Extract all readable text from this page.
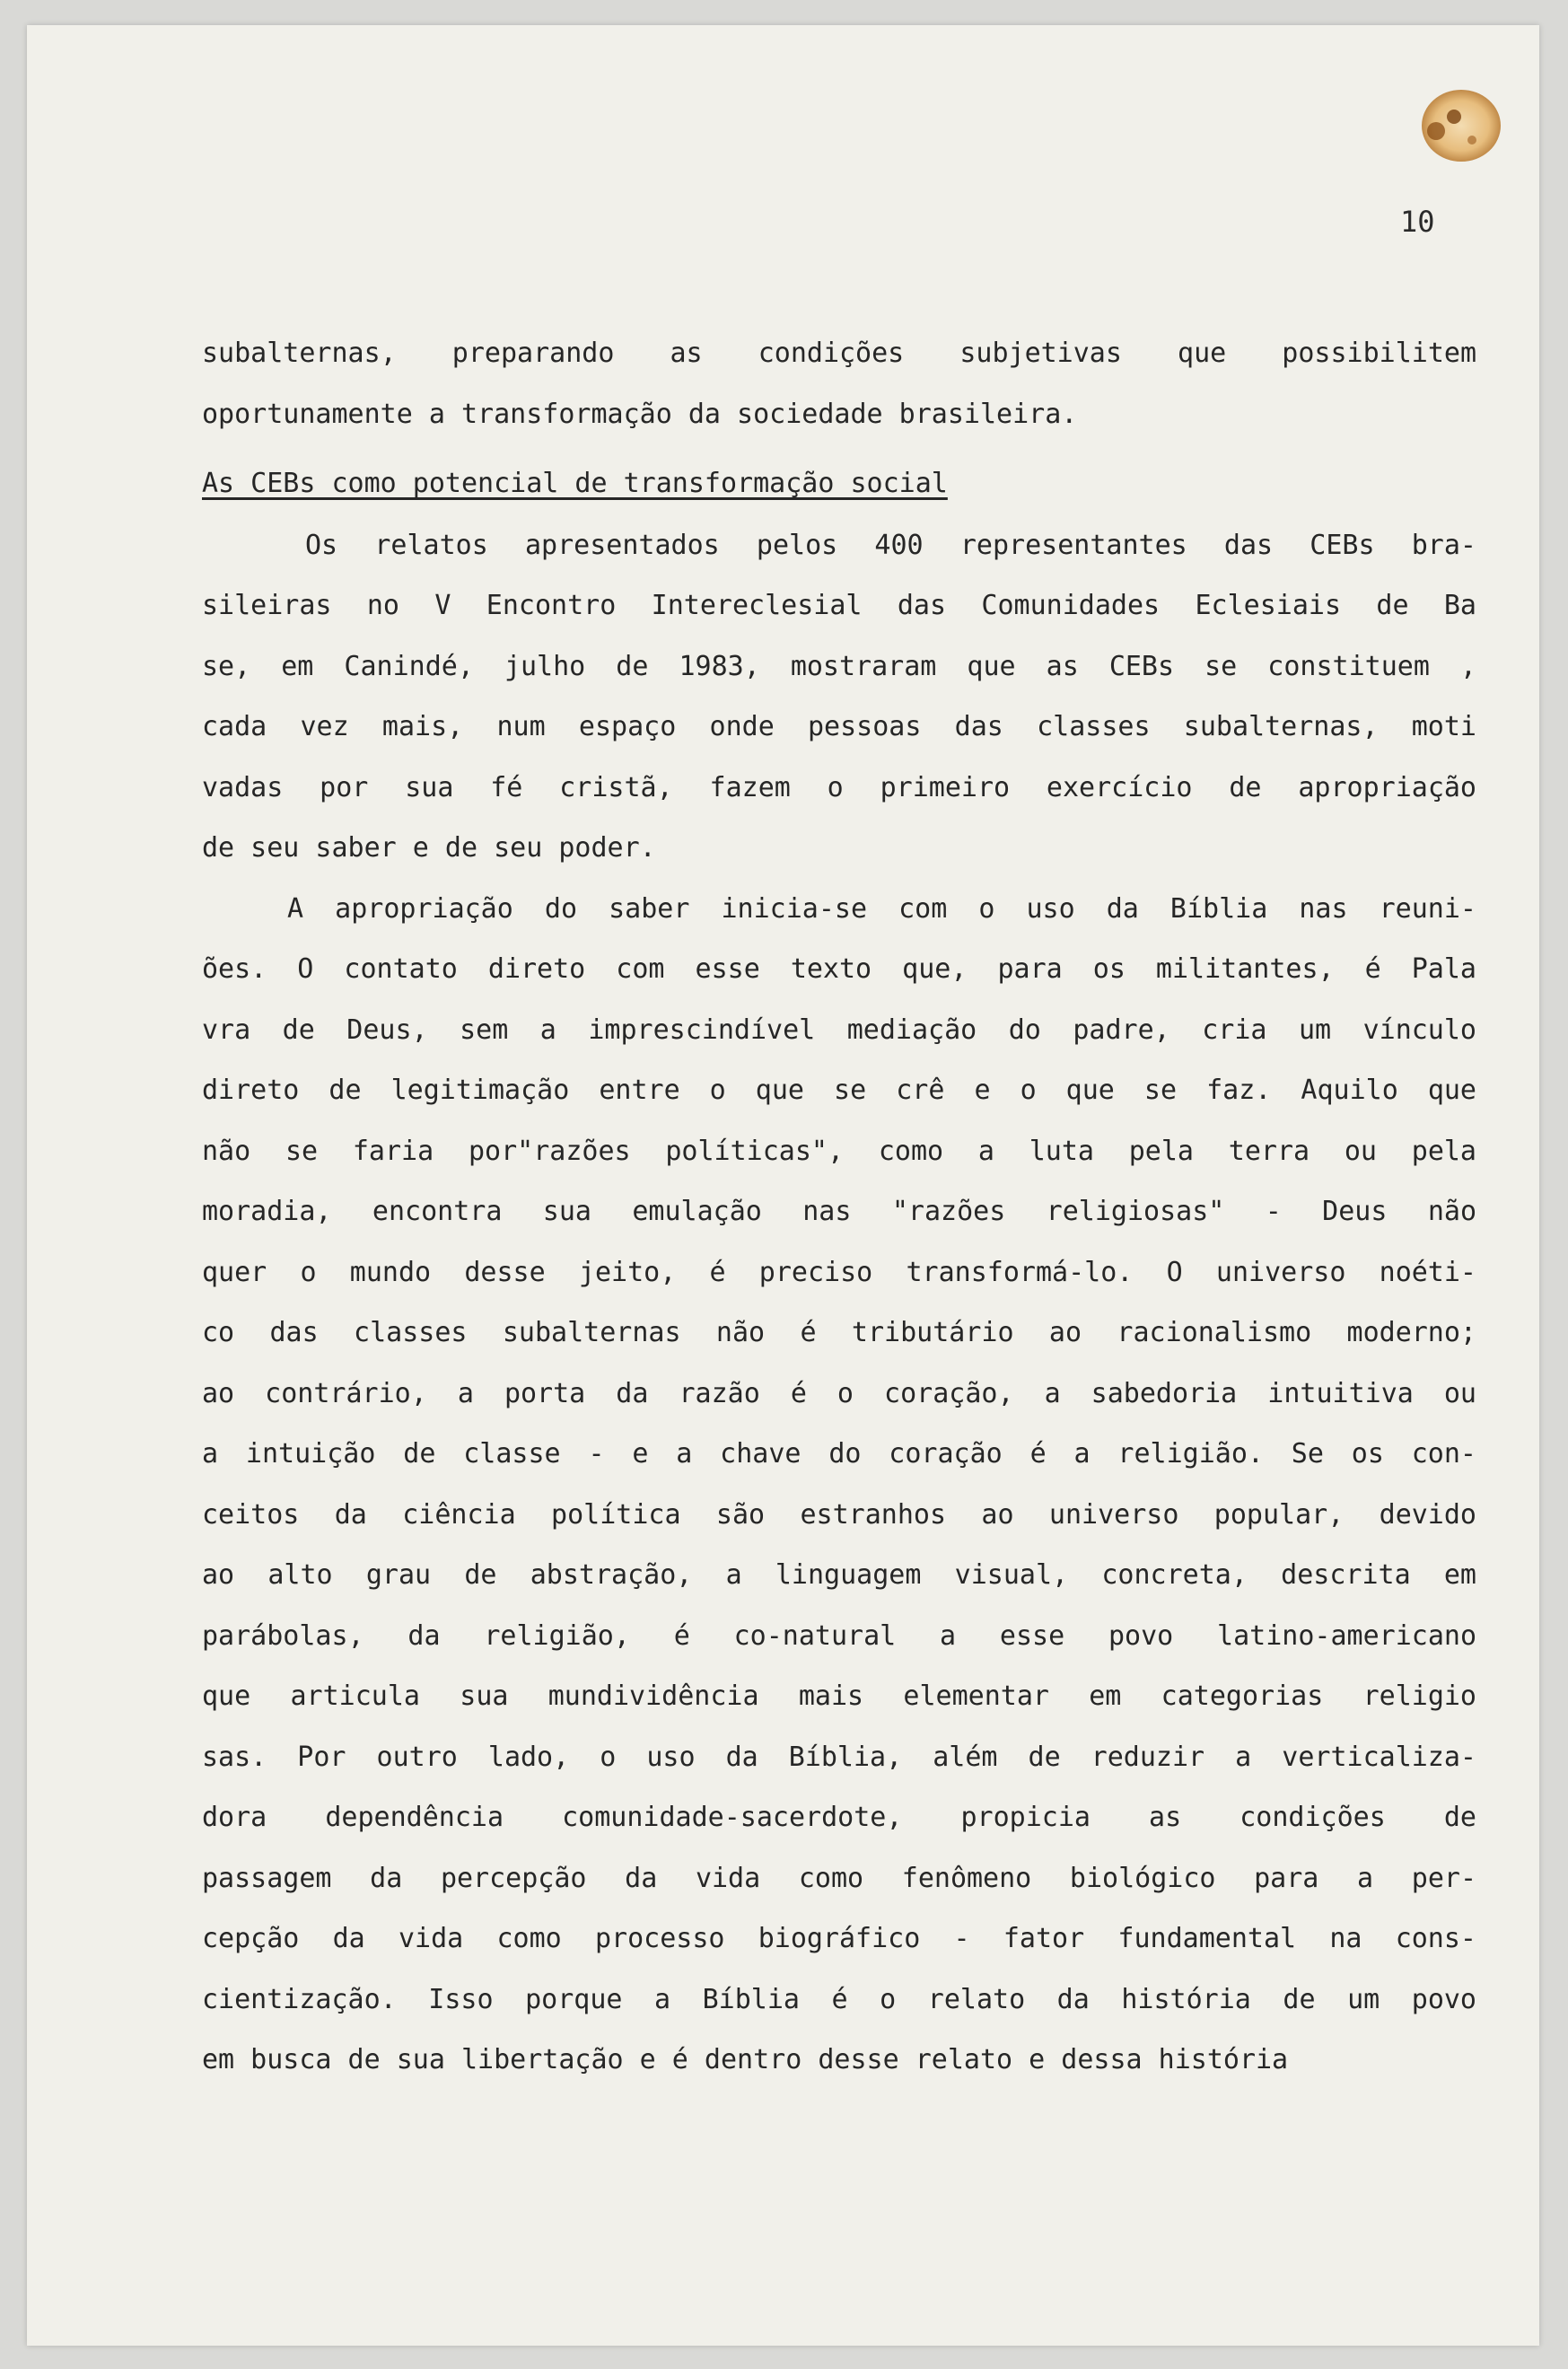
10
subalternas, preparando as condições subjetivas que possibilitem
oportunamente a transformação da sociedade brasileira.
As CEBs como potencial de transformação social
Os relatos apresentados pelos 400 representantes das CEBs bra-
sileiras no V Encontro Intereclesial das Comunidades Eclesiais de Ba
se, em Canindé, julho de 1983, mostraram que as CEBs se constituem ,
cada vez mais, num espaço onde pessoas das classes subalternas, moti
vadas por sua fé cristã, fazem o primeiro exercício de apropriação
de seu saber e de seu poder.
A apropriação do saber inicia-se com o uso da Bíblia nas reuni-
ões. O contato direto com esse texto que, para os militantes, é Pala
vra de Deus, sem a imprescindível mediação do padre, cria um vínculo
direto de legitimação entre o que se crê e o que se faz. Aquilo que
não se faria por"razões políticas", como a luta pela terra ou pela
moradia, encontra sua emulação nas "razões religiosas" - Deus não
quer o mundo desse jeito, é preciso transformá-lo. O universo noéti-
co das classes subalternas não é tributário ao racionalismo moderno;
ao contrário, a porta da razão é o coração, a sabedoria intuitiva ou
a intuição de classe - e a chave do coração é a religião. Se os con-
ceitos da ciência política são estranhos ao universo popular, devido
ao alto grau de abstração, a linguagem visual, concreta, descrita em
parábolas, da religião, é co-natural a esse povo latino-americano
que articula sua mundividência mais elementar em categorias religio
sas. Por outro lado, o uso da Bíblia, além de reduzir a verticaliza-
dora dependência comunidade-sacerdote, propicia as condições de
passagem da percepção da vida como fenômeno biológico para a per-
cepção da vida como processo biográfico - fator fundamental na cons-
cientização. Isso porque a Bíblia é o relato da história de um povo
em busca de sua libertação e é dentro desse relato e dessa história
